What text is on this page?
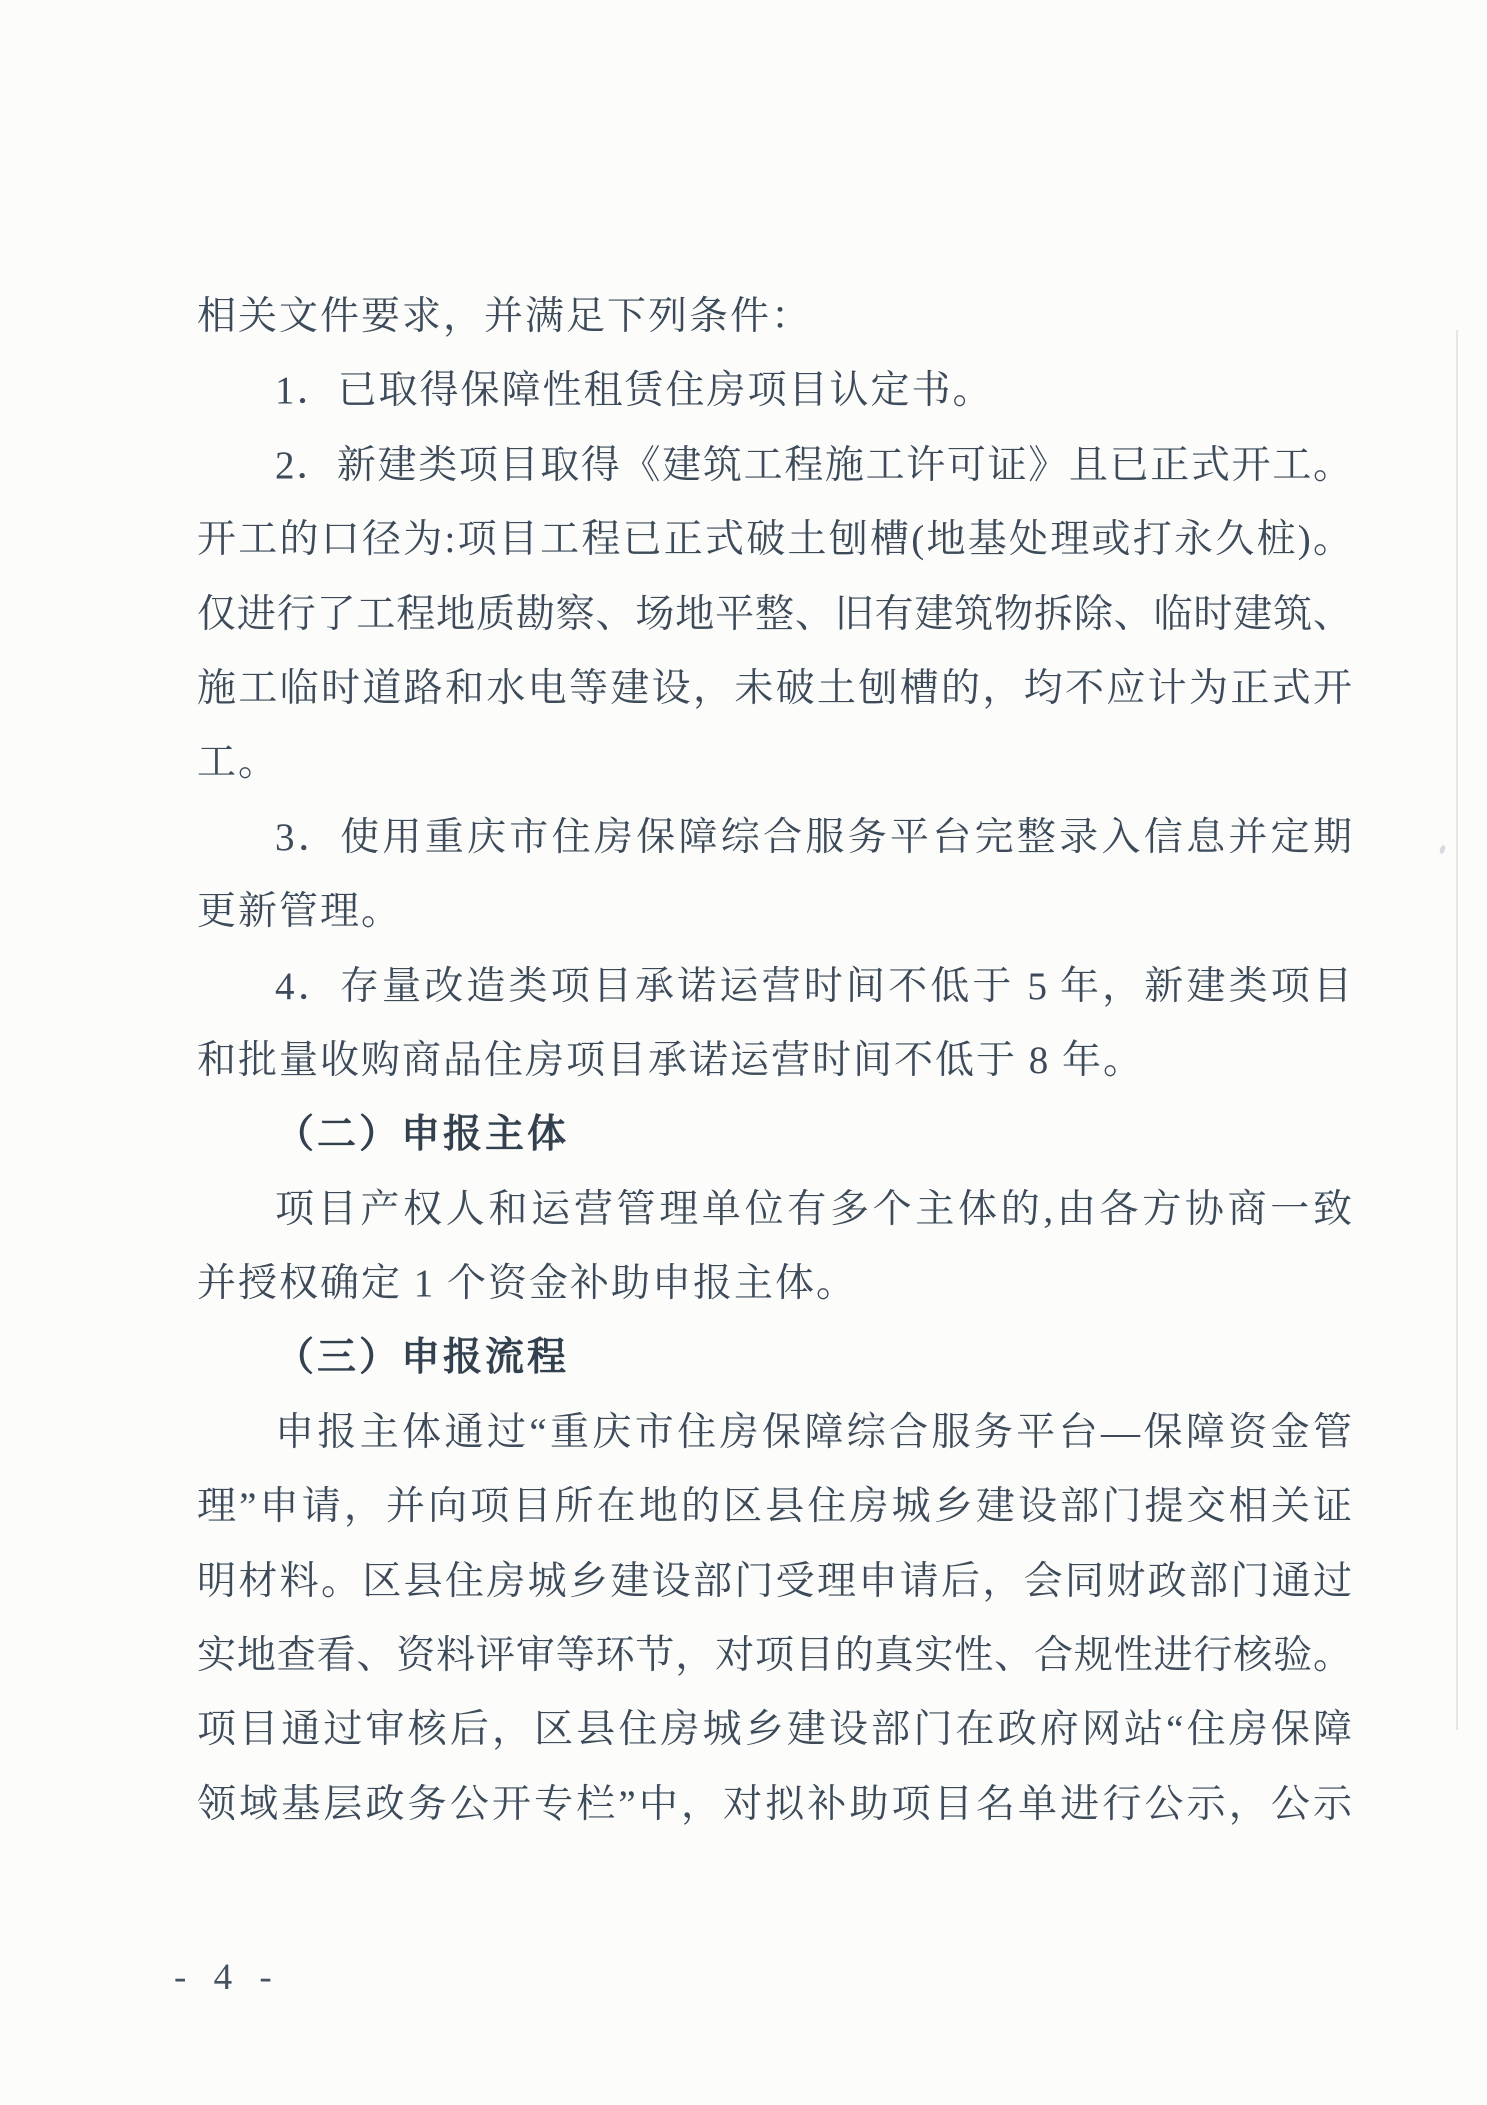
相关文件要求，并满足下列条件：
1．已取得保障性租赁住房项目认定书。
2．新建类项目取得《建筑工程施工许可证》且已正式开工。
开工的口径为:项目工程已正式破土刨槽(地基处理或打永久桩)。
仅进行了工程地质勘察、场地平整、旧有建筑物拆除、临时建筑、
施工临时道路和水电等建设，未破土刨槽的，均不应计为正式开
工。
3．使用重庆市住房保障综合服务平台完整录入信息并定期
更新管理。
4．存量改造类项目承诺运营时间不低于 5 年，新建类项目
和批量收购商品住房项目承诺运营时间不低于 8 年。
（二）申报主体
项目产权人和运营管理单位有多个主体的,由各方协商一致
并授权确定 1 个资金补助申报主体。
（三）申报流程
申报主体通过“重庆市住房保障综合服务平台—保障资金管
理”申请，并向项目所在地的区县住房城乡建设部门提交相关证
明材料。区县住房城乡建设部门受理申请后，会同财政部门通过
实地查看、资料评审等环节，对项目的真实性、合规性进行核验。
项目通过审核后，区县住房城乡建设部门在政府网站“住房保障
领域基层政务公开专栏”中，对拟补助项目名单进行公示，公示
- 4 -
